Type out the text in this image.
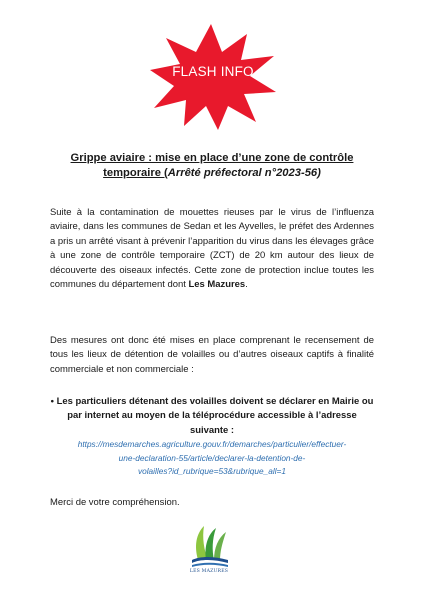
FLASH INFO
Grippe aviaire : mise en place d’une zone de contrôle
temporaire (Arrêté préfectoral n°2023-56)
Suite à la contamination de mouettes rieuses par le virus de l’influenza aviaire, dans les communes de Sedan et les Ayvelles, le préfet des Ardennes a pris un arrêté visant à prévenir l’apparition du virus dans les élevages grâce à une zone de contrôle temporaire (ZCT) de 20 km autour des lieux de découverte des oiseaux infectés. Cette zone de protection inclue toutes les communes du département dont Les Mazures.
Des mesures ont donc été mises en place comprenant le recensement de tous les lieux de détention de volailles ou d’autres oiseaux captifs à finalité commerciale et non commerciale :
• Les particuliers détenant des volailles doivent se déclarer en Mairie ou par internet au moyen de la téléprocédure accessible à l’adresse suivante :
https://mesdemarches.agriculture.gouv.fr/demarches/particulier/effectuer-
une-declaration-55/article/declarer-la-detention-de-
volailles?id_rubrique=53&rubrique_all=1
Merci de votre compréhension.
LES MAZURES
